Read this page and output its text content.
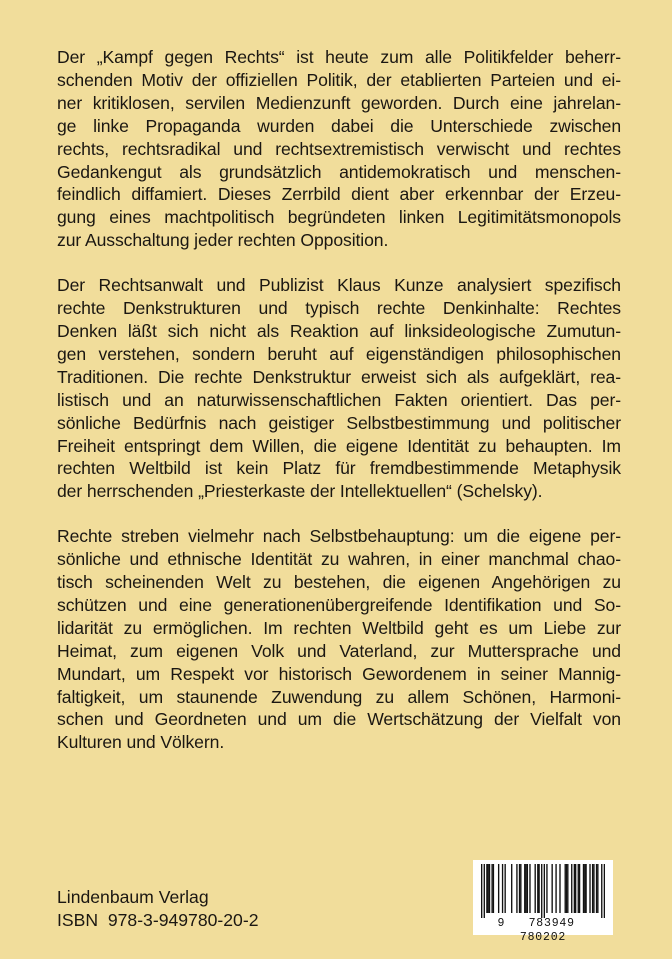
Der „Kampf gegen Rechts“ ist heute zum alle Politikfelder beherr-
schenden Motiv der offiziellen Politik, der etablierten Parteien und ei-
ner kritiklosen, servilen Medienzunft geworden. Durch eine jahrelan-
ge linke Propaganda wurden dabei die Unterschiede zwischen
rechts, rechtsradikal und rechtsextremistisch verwischt und rechtes
Gedankengut als grundsätzlich antidemokratisch und menschen-
feindlich diffamiert. Dieses Zerrbild dient aber erkennbar der Erzeu-
gung eines machtpolitisch begründeten linken Legitimitätsmonopols
zur Ausschaltung jeder rechten Opposition.

Der Rechtsanwalt und Publizist Klaus Kunze analysiert spezifisch
rechte Denkstrukturen und typisch rechte Denkinhalte: Rechtes
Denken läßt sich nicht als Reaktion auf linksideologische Zumutun-
gen verstehen, sondern beruht auf eigenständigen philosophischen
Traditionen. Die rechte Denkstruktur erweist sich als aufgeklärt, rea-
listisch und an naturwissenschaftlichen Fakten orientiert. Das per-
sönliche Bedürfnis nach geistiger Selbstbestimmung und politischer
Freiheit entspringt dem Willen, die eigene Identität zu behaupten. Im
rechten Weltbild ist kein Platz für fremdbestimmende Metaphysik
der herrschenden „Priesterkaste der Intellektuellen“ (Schelsky).

Rechte streben vielmehr nach Selbstbehauptung: um die eigene per-
sönliche und ethnische Identität zu wahren, in einer manchmal chao-
tisch scheinenden Welt zu bestehen, die eigenen Angehörigen zu
schützen und eine generationenübergreifende Identifikation und So-
lidarität zu ermöglichen. Im rechten Weltbild geht es um Liebe zur
Heimat, zum eigenen Volk und Vaterland, zur Muttersprache und
Mundart, um Respekt vor historisch Gewordenem in seiner Mannig-
faltigkeit, um staunende Zuwendung zu allem Schönen, Harmoni-
schen und Geordneten und um die Wertschätzung der Vielfalt von
Kulturen und Völkern.

Lindenbaum Verlag
ISBN  978-3-949780-20-2	9 783949  780202
